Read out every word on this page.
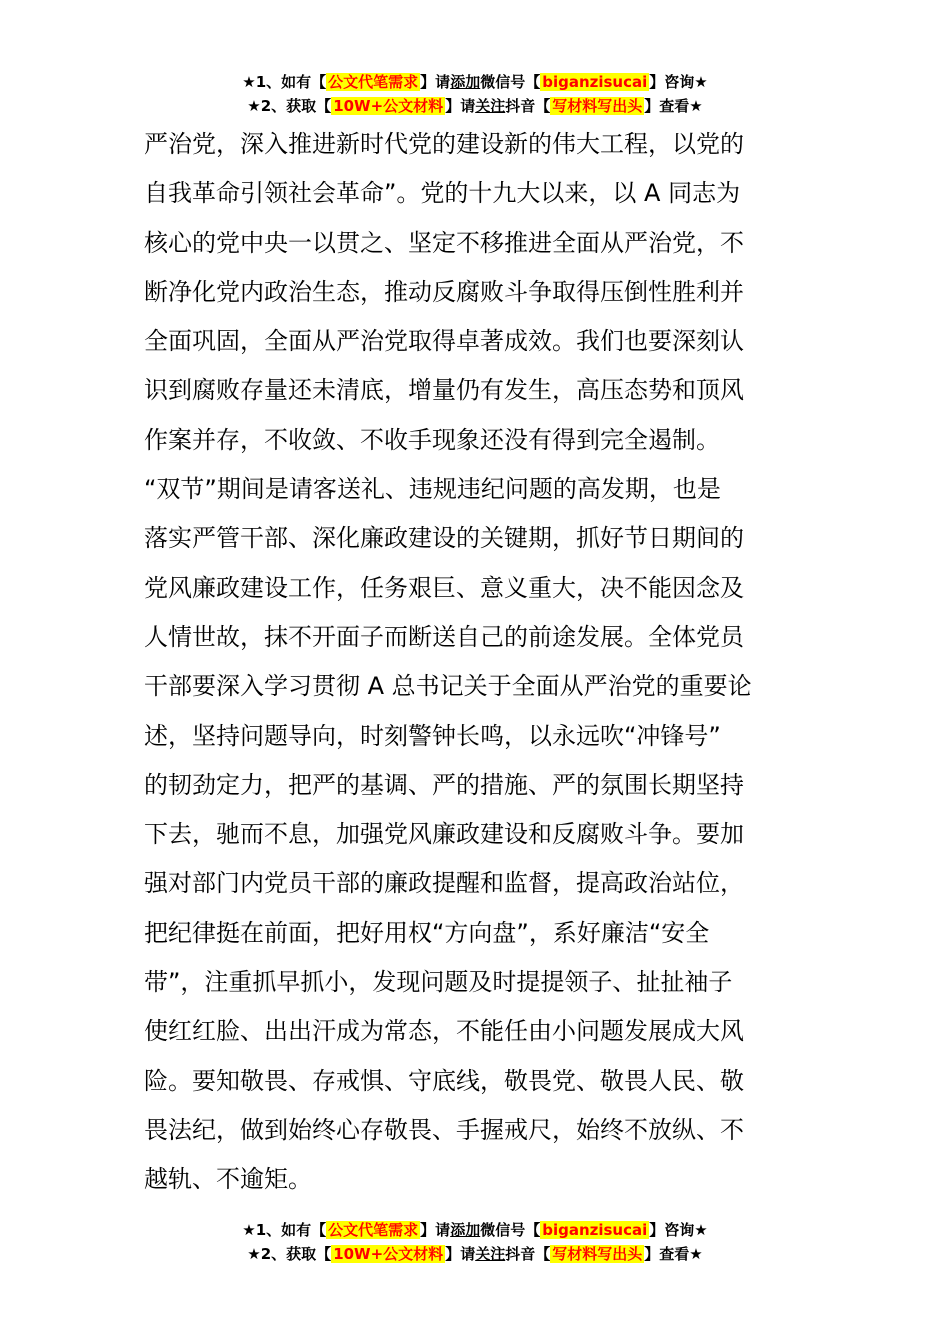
★1、如有【 公文代笔需求 】请添加微信号【 biganzisucai 】咨询★
★2、获取【 10W+公文材料 】请关注抖音【 写材料写出头 】查看★
严治党，深入推进新时代党的建设新的伟大工程，以党的
自我革命引领社会革命”。党的十九大以来，以 A 同志为
核心的党中央一以贯之、坚定不移推进全面从严治党，不
断净化党内政治生态，推动反腐败斗争取得压倒性胜利并
全面巩固，全面从严治党取得卓著成效。我们也要深刻认
识到腐败存量还未清底，增量仍有发生，高压态势和顶风
作案并存，不收敛、不收手现象还没有得到完全遏制。
“双节”期间是请客送礼、违规违纪问题的高发期，也是
落实严管干部、深化廉政建设的关键期，抓好节日期间的
党风廉政建设工作，任务艰巨、意义重大，决不能因念及
人情世故，抹不开面子而断送自己的前途发展。全体党员
干部要深入学习贯彻 A 总书记关于全面从严治党的重要论
述，坚持问题导向，时刻警钟长鸣，以永远吹“冲锋号”
的韧劲定力，把严的基调、严的措施、严的氛围长期坚持
下去，驰而不息，加强党风廉政建设和反腐败斗争。要加
强对部门内党员干部的廉政提醒和监督，提高政治站位，
把纪律挺在前面，把好用权“方向盘”，系好廉洁“安全
带”，注重抓早抓小，发现问题及时提提领子、扯扯袖子
使红红脸、出出汗成为常态，不能任由小问题发展成大风
险。要知敬畏、存戒惧、守底线，敬畏党、敬畏人民、敬
畏法纪，做到始终心存敬畏、手握戒尺，始终不放纵、不
越轨、不逾矩。
★1、如有【 公文代笔需求 】请添加微信号【 biganzisucai 】咨询★
★2、获取【 10W+公文材料 】请关注抖音【 写材料写出头 】查看★
